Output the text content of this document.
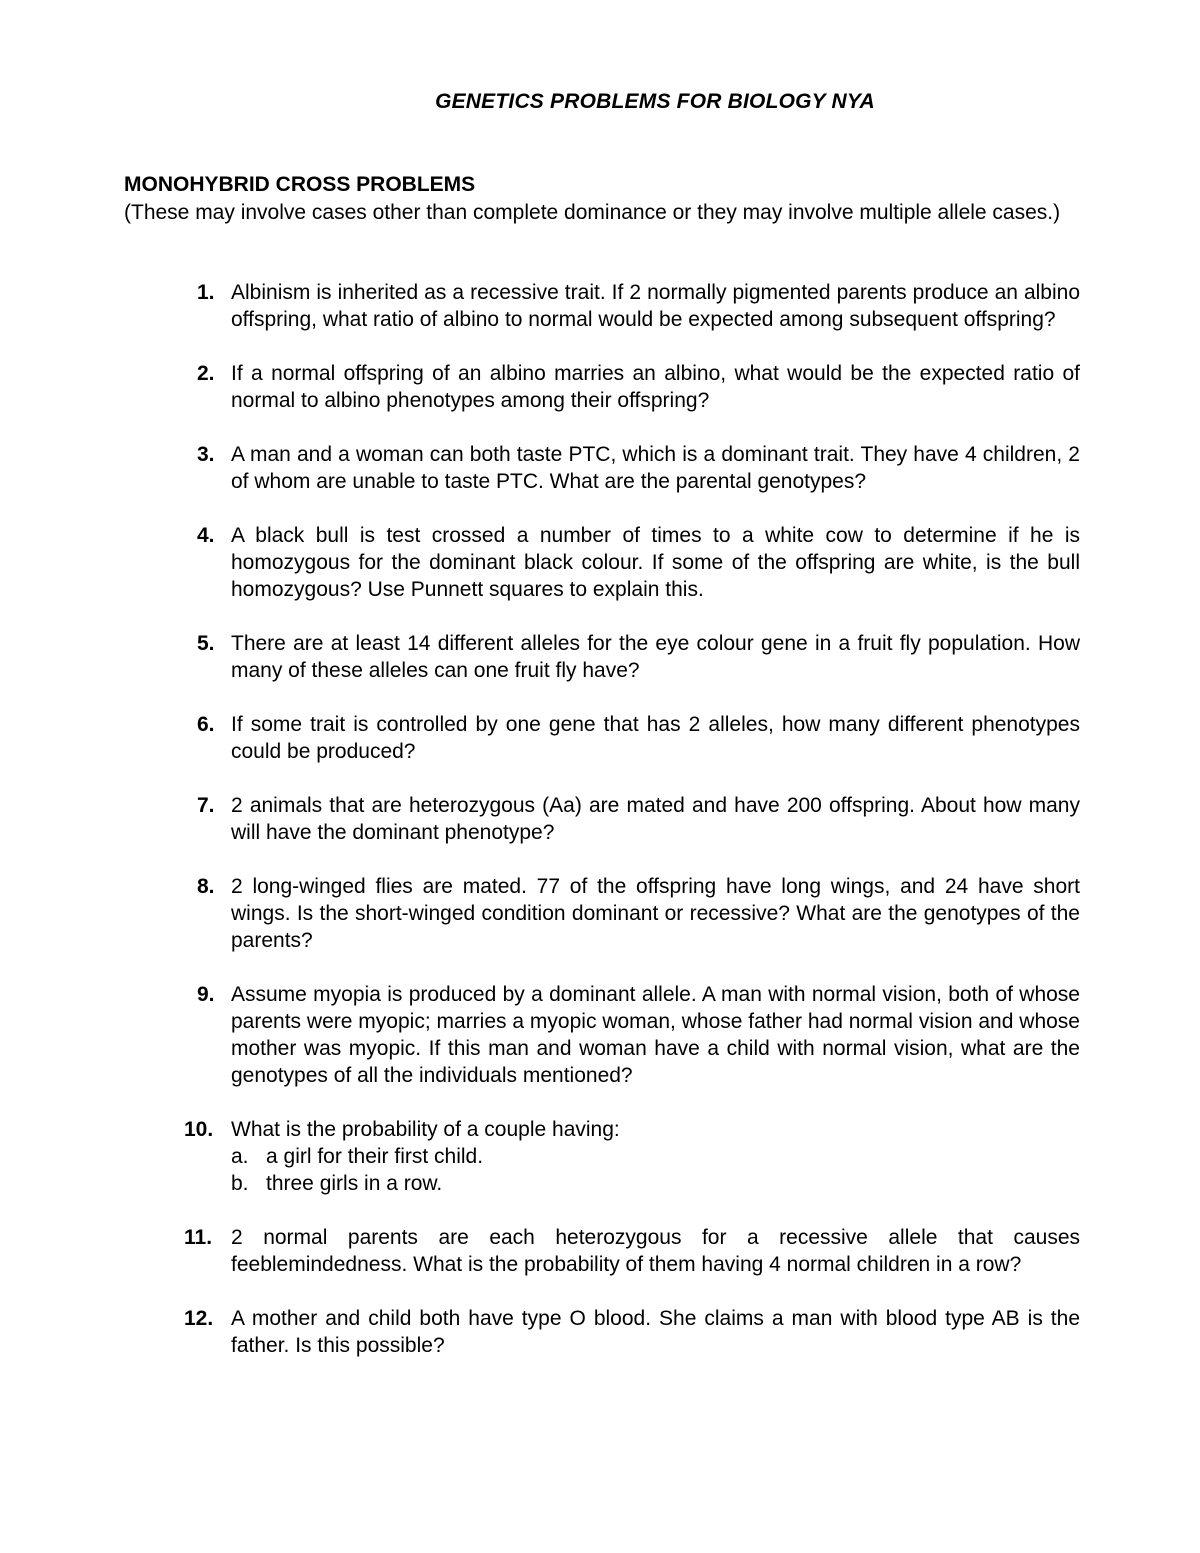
GENETICS PROBLEMS FOR BIOLOGY NYA
MONOHYBRID CROSS PROBLEMS
(These may involve cases other than complete dominance or they may involve multiple allele cases.)
1. Albinism is inherited as a recessive trait. If 2 normally pigmented parents produce an albino offspring, what ratio of albino to normal would be expected among subsequent offspring?
2. If a normal offspring of an albino marries an albino, what would be the expected ratio of normal to albino phenotypes among their offspring?
3. A man and a woman can both taste PTC, which is a dominant trait. They have 4 children, 2 of whom are unable to taste PTC. What are the parental genotypes?
4. A black bull is test crossed a number of times to a white cow to determine if he is homozygous for the dominant black colour. If some of the offspring are white, is the bull homozygous? Use Punnett squares to explain this.
5. There are at least 14 different alleles for the eye colour gene in a fruit fly population. How many of these alleles can one fruit fly have?
6. If some trait is controlled by one gene that has 2 alleles, how many different phenotypes could be produced?
7. 2 animals that are heterozygous (Aa) are mated and have 200 offspring. About how many will have the dominant phenotype?
8. 2 long-winged flies are mated. 77 of the offspring have long wings, and 24 have short wings. Is the short-winged condition dominant or recessive? What are the genotypes of the parents?
9. Assume myopia is produced by a dominant allele. A man with normal vision, both of whose parents were myopic; marries a myopic woman, whose father had normal vision and whose mother was myopic. If this man and woman have a child with normal vision, what are the genotypes of all the individuals mentioned?
10. What is the probability of a couple having:
a. a girl for their first child.
b. three girls in a row.
11. 2 normal parents are each heterozygous for a recessive allele that causes feeblemindedness. What is the probability of them having 4 normal children in a row?
12. A mother and child both have type O blood. She claims a man with blood type AB is the father. Is this possible?
